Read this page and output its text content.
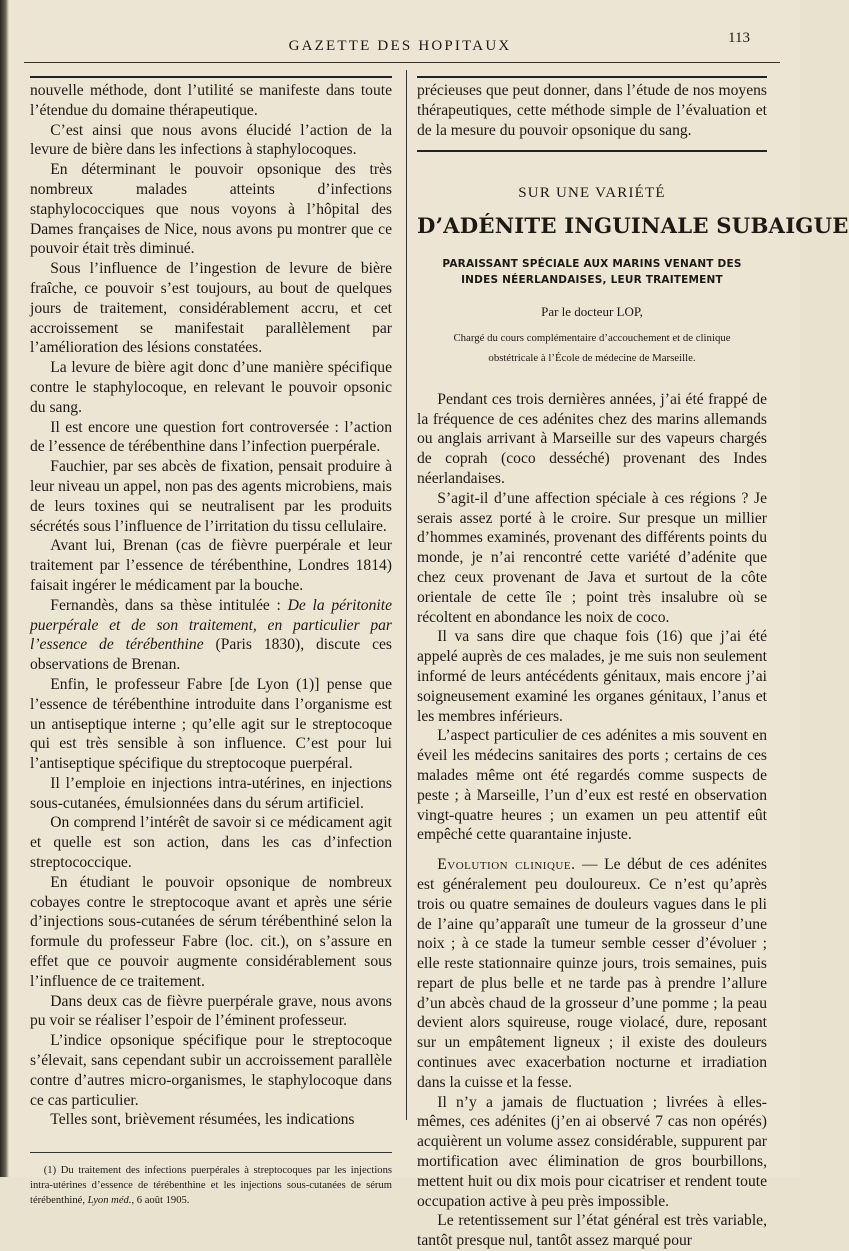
GAZETTE DES HOPITAUX	113

nouvelle méthode, dont l’utilité se manifeste dans toute l’étendue du domaine thérapeutique.

C’est ainsi que nous avons élucidé l’action de la levure de bière dans les infections à staphylocoques.

En déterminant le pouvoir opsonique des très nombreux malades atteints d’infections staphylococciques que nous voyons à l’hôpital des Dames françaises de Nice, nous avons pu montrer que ce pouvoir était très diminué.

Sous l’influence de l’ingestion de levure de bière fraîche, ce pouvoir s’est toujours, au bout de quelques jours de traitement, considérablement accru, et cet accroissement se manifestait parallèlement par l’amélioration des lésions constatées.

La levure de bière agit donc d’une manière spécifique contre le staphylocoque, en relevant le pouvoir opsonic du sang.

Il est encore une question fort controversée : l’action de l’essence de térébenthine dans l’infection puerpérale.

Fauchier, par ses abcès de fixation, pensait produire à leur niveau un appel, non pas des agents microbiens, mais de leurs toxines qui se neutralisent par les produits sécrétés sous l’influence de l’irritation du tissu cellulaire.

Avant lui, Brenan (cas de fièvre puerpérale et leur traitement par l’essence de térébenthine, Londres 1814) faisait ingérer le médicament par la bouche.

Fernandès, dans sa thèse intitulée : De la péritonite puerpérale et de son traitement, en particulier par l’essence de térébenthine (Paris 1830), discute ces observations de Brenan.

Enfin, le professeur Fabre [de Lyon (1)] pense que l’essence de térébenthine introduite dans l’organisme est un antiseptique interne ; qu’elle agit sur le streptocoque qui est très sensible à son influence. C’est pour lui l’antiseptique spécifique du streptocoque puerpéral.

Il l’emploie en injections intra-utérines, en injections sous-cutanées, émulsionnées dans du sérum artificiel.

On comprend l’intérêt de savoir si ce médicament agit et quelle est son action, dans les cas d’infection streptococcique.

En étudiant le pouvoir opsonique de nombreux cobayes contre le streptocoque avant et après une série d’injections sous-cutanées de sérum térébenthiné selon la formule du professeur Fabre (loc. cit.), on s’assure en effet que ce pouvoir augmente considérablement sous l’influence de ce traitement.

Dans deux cas de fièvre puerpérale grave, nous avons pu voir se réaliser l’espoir de l’éminent professeur.

L’indice opsonique spécifique pour le streptocoque s’élevait, sans cependant subir un accroissement parallèle contre d’autres micro-organismes, le staphylocoque dans ce cas particulier.

Telles sont, brièvement résumées, les indications

(1) Du traitement des infections puerpérales à streptocoques par les injections intra-utérines d’essence de térébenthine et les injections sous-cutanées de sérum térébenthiné, Lyon méd., 6 août 1905.

précieuses que peut donner, dans l’étude de nos moyens thérapeutiques, cette méthode simple de l’évaluation et de la mesure du pouvoir opsonique du sang.

SUR UNE VARIÉTÉ
D’ADÉNITE INGUINALE SUBAIGUE
PARAISSANT SPÉCIALE AUX MARINS VENANT DES INDES NÉERLANDAISES, LEUR TRAITEMENT
Par le docteur LOP,
Chargé du cours complémentaire d’accouchement et de clinique obstétricale à l’École de médecine de Marseille.

Pendant ces trois dernières années, j’ai été frappé de la fréquence de ces adénites chez des marins allemands ou anglais arrivant à Marseille sur des vapeurs chargés de coprah (coco desséché) provenant des Indes néerlandaises.

S’agit-il d’une affection spéciale à ces régions ? Je serais assez porté à le croire. Sur presque un millier d’hommes examinés, provenant des différents points du monde, je n’ai rencontré cette variété d’adénite que chez ceux provenant de Java et surtout de la côte orientale de cette île ; point très insalubre où se récoltent en abondance les noix de coco.

Il va sans dire que chaque fois (16) que j’ai été appelé auprès de ces malades, je me suis non seulement informé de leurs antécédents génitaux, mais encore j’ai soigneusement examiné les organes génitaux, l’anus et les membres inférieurs.

L’aspect particulier de ces adénites a mis souvent en éveil les médecins sanitaires des ports ; certains de ces malades même ont été regardés comme suspects de peste ; à Marseille, l’un d’eux est resté en observation vingt-quatre heures ; un examen un peu attentif eût empêché cette quarantaine injuste.

Evolution clinique. — Le début de ces adénites est généralement peu douloureux. Ce n’est qu’après trois ou quatre semaines de douleurs vagues dans le pli de l’aine qu’apparaît une tumeur de la grosseur d’une noix ; à ce stade la tumeur semble cesser d’évoluer ; elle reste stationnaire quinze jours, trois semaines, puis repart de plus belle et ne tarde pas à prendre l’allure d’un abcès chaud de la grosseur d’une pomme ; la peau devient alors squireuse, rouge violacé, dure, reposant sur un empâtement ligneux ; il existe des douleurs continues avec exacerbation nocturne et irradiation dans la cuisse et la fesse.

Il n’y a jamais de fluctuation ; livrées à elles-mêmes, ces adénites (j’en ai observé 7 cas non opérés) acquièrent un volume assez considérable, suppurent par mortification avec élimination de gros bourbillons, mettent huit ou dix mois pour cicatriser et rendent toute occupation active à peu près impossible.

Le retentissement sur l’état général est très variable, tantôt presque nul, tantôt assez marqué pour
